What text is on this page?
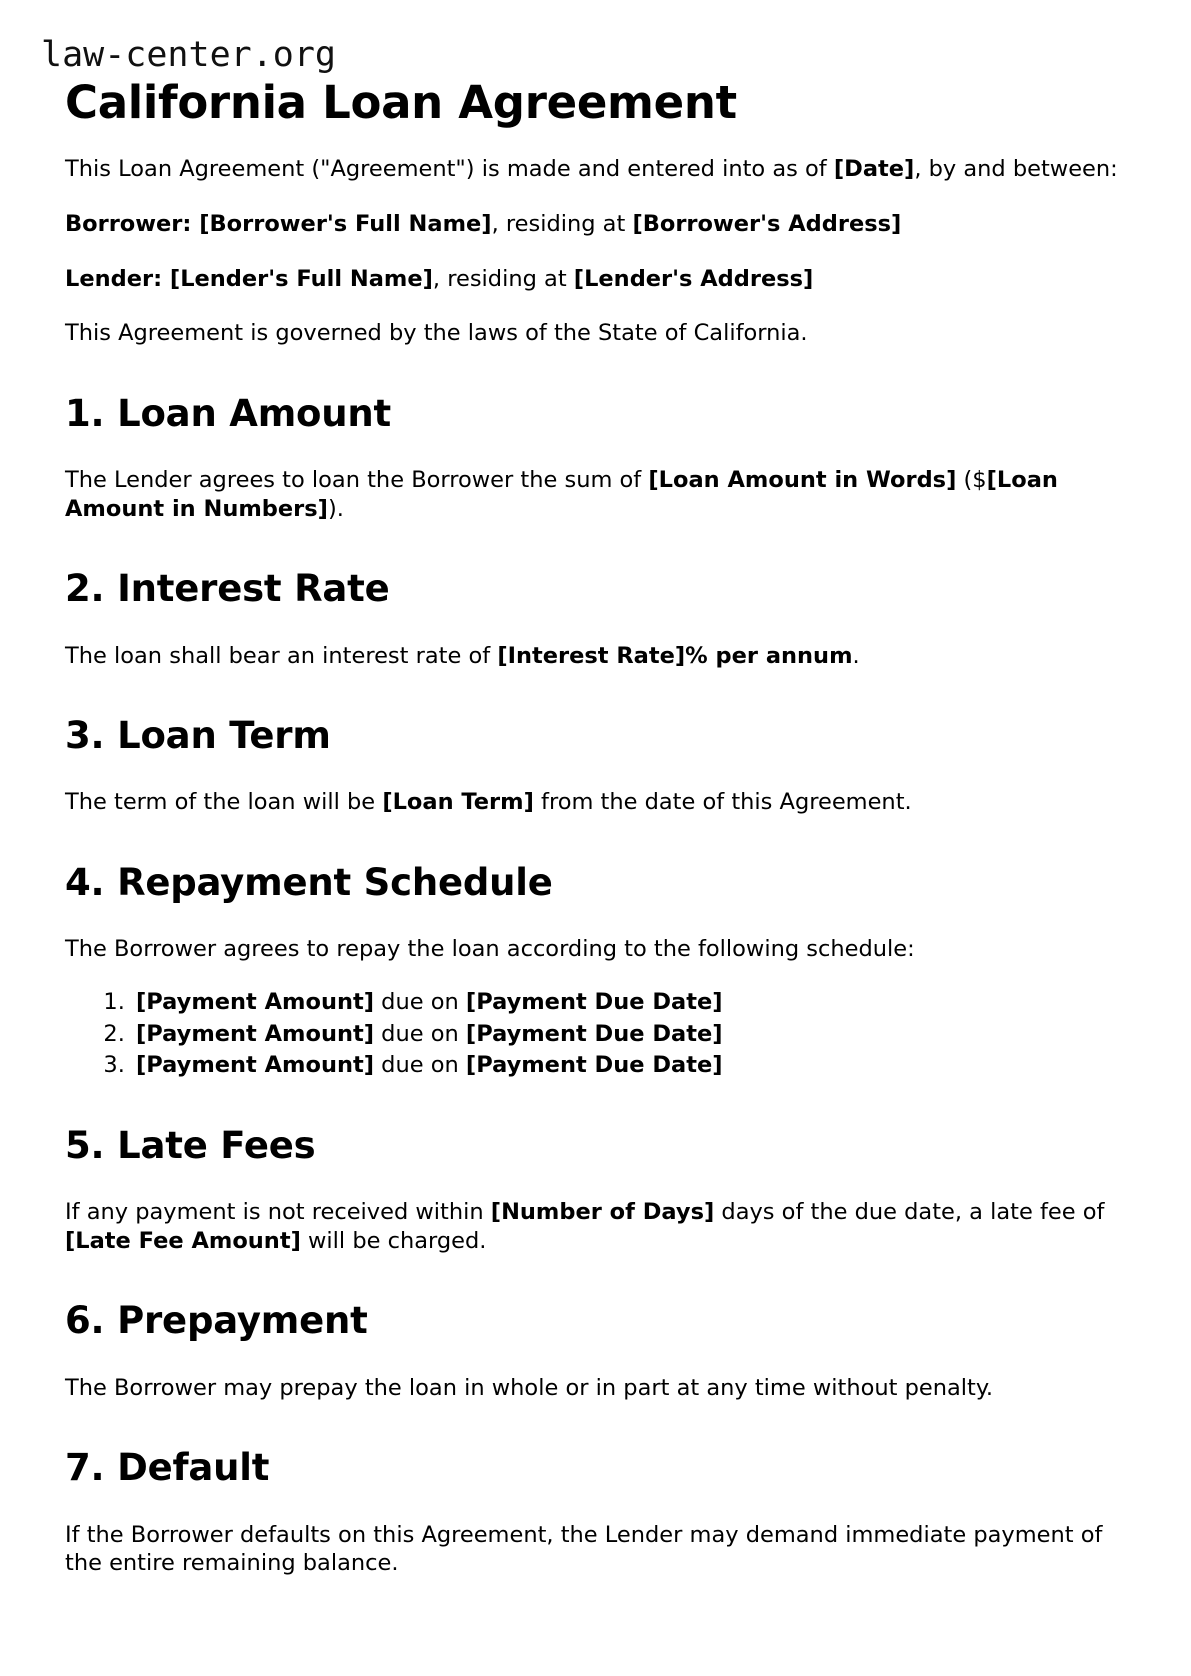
law-center.org
California Loan Agreement

This Loan Agreement ("Agreement") is made and entered into as of [Date], by and between:

Borrower: [Borrower's Full Name], residing at [Borrower's Address]

Lender: [Lender's Full Name], residing at [Lender's Address]

This Agreement is governed by the laws of the State of California.

1. Loan Amount

The Lender agrees to loan the Borrower the sum of [Loan Amount in Words] ($[Loan Amount in Numbers]).

2. Interest Rate

The loan shall bear an interest rate of [Interest Rate]% per annum.

3. Loan Term

The term of the loan will be [Loan Term] from the date of this Agreement.

4. Repayment Schedule

The Borrower agrees to repay the loan according to the following schedule:

1. [Payment Amount] due on [Payment Due Date]
2. [Payment Amount] due on [Payment Due Date]
3. [Payment Amount] due on [Payment Due Date]
5. Late Fees

If any payment is not received within [Number of Days] days of the due date, a late fee of [Late Fee Amount] will be charged.

6. Prepayment

The Borrower may prepay the loan in whole or in part at any time without penalty.

7. Default

If the Borrower defaults on this Agreement, the Lender may demand immediate payment of the entire remaining balance.
